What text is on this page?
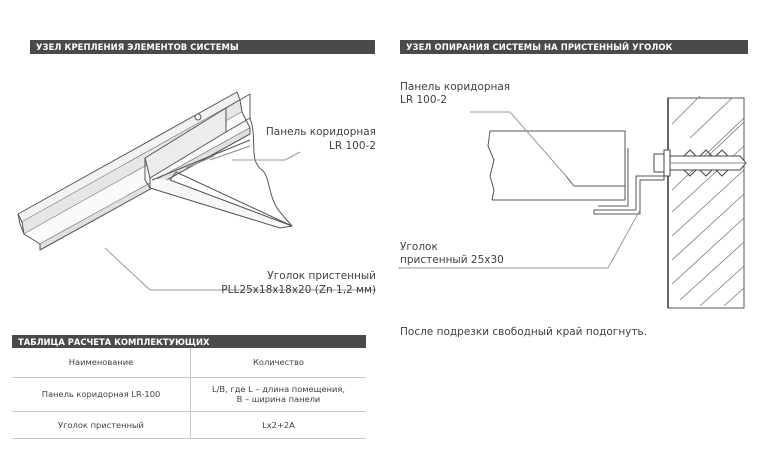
УЗЕЛ КРЕПЛЕНИЯ ЭЛЕМЕНТОВ СИСТЕМЫ	УЗЕЛ ОПИРАНИЯ СИСТЕМЫ НА ПРИСТЕННЫЙ УГОЛОК
Панель коридорная
LR 100-2
Уголок пристенный
PLL25x18x18x20 (Zn 1,2 мм)
Панель коридорная
LR 100-2
Уголок
пристенный 25х30
После подрезки свободный край подогнуть.
ТАБЛИЦА РАСЧЕТА КОМПЛЕКТУЮЩИХ	
Наименование	Количество
Панель коридорная LR-100	L/B, где L – длина помещения,
B – ширина панели

Уголок пристенный	Lx2+2A
